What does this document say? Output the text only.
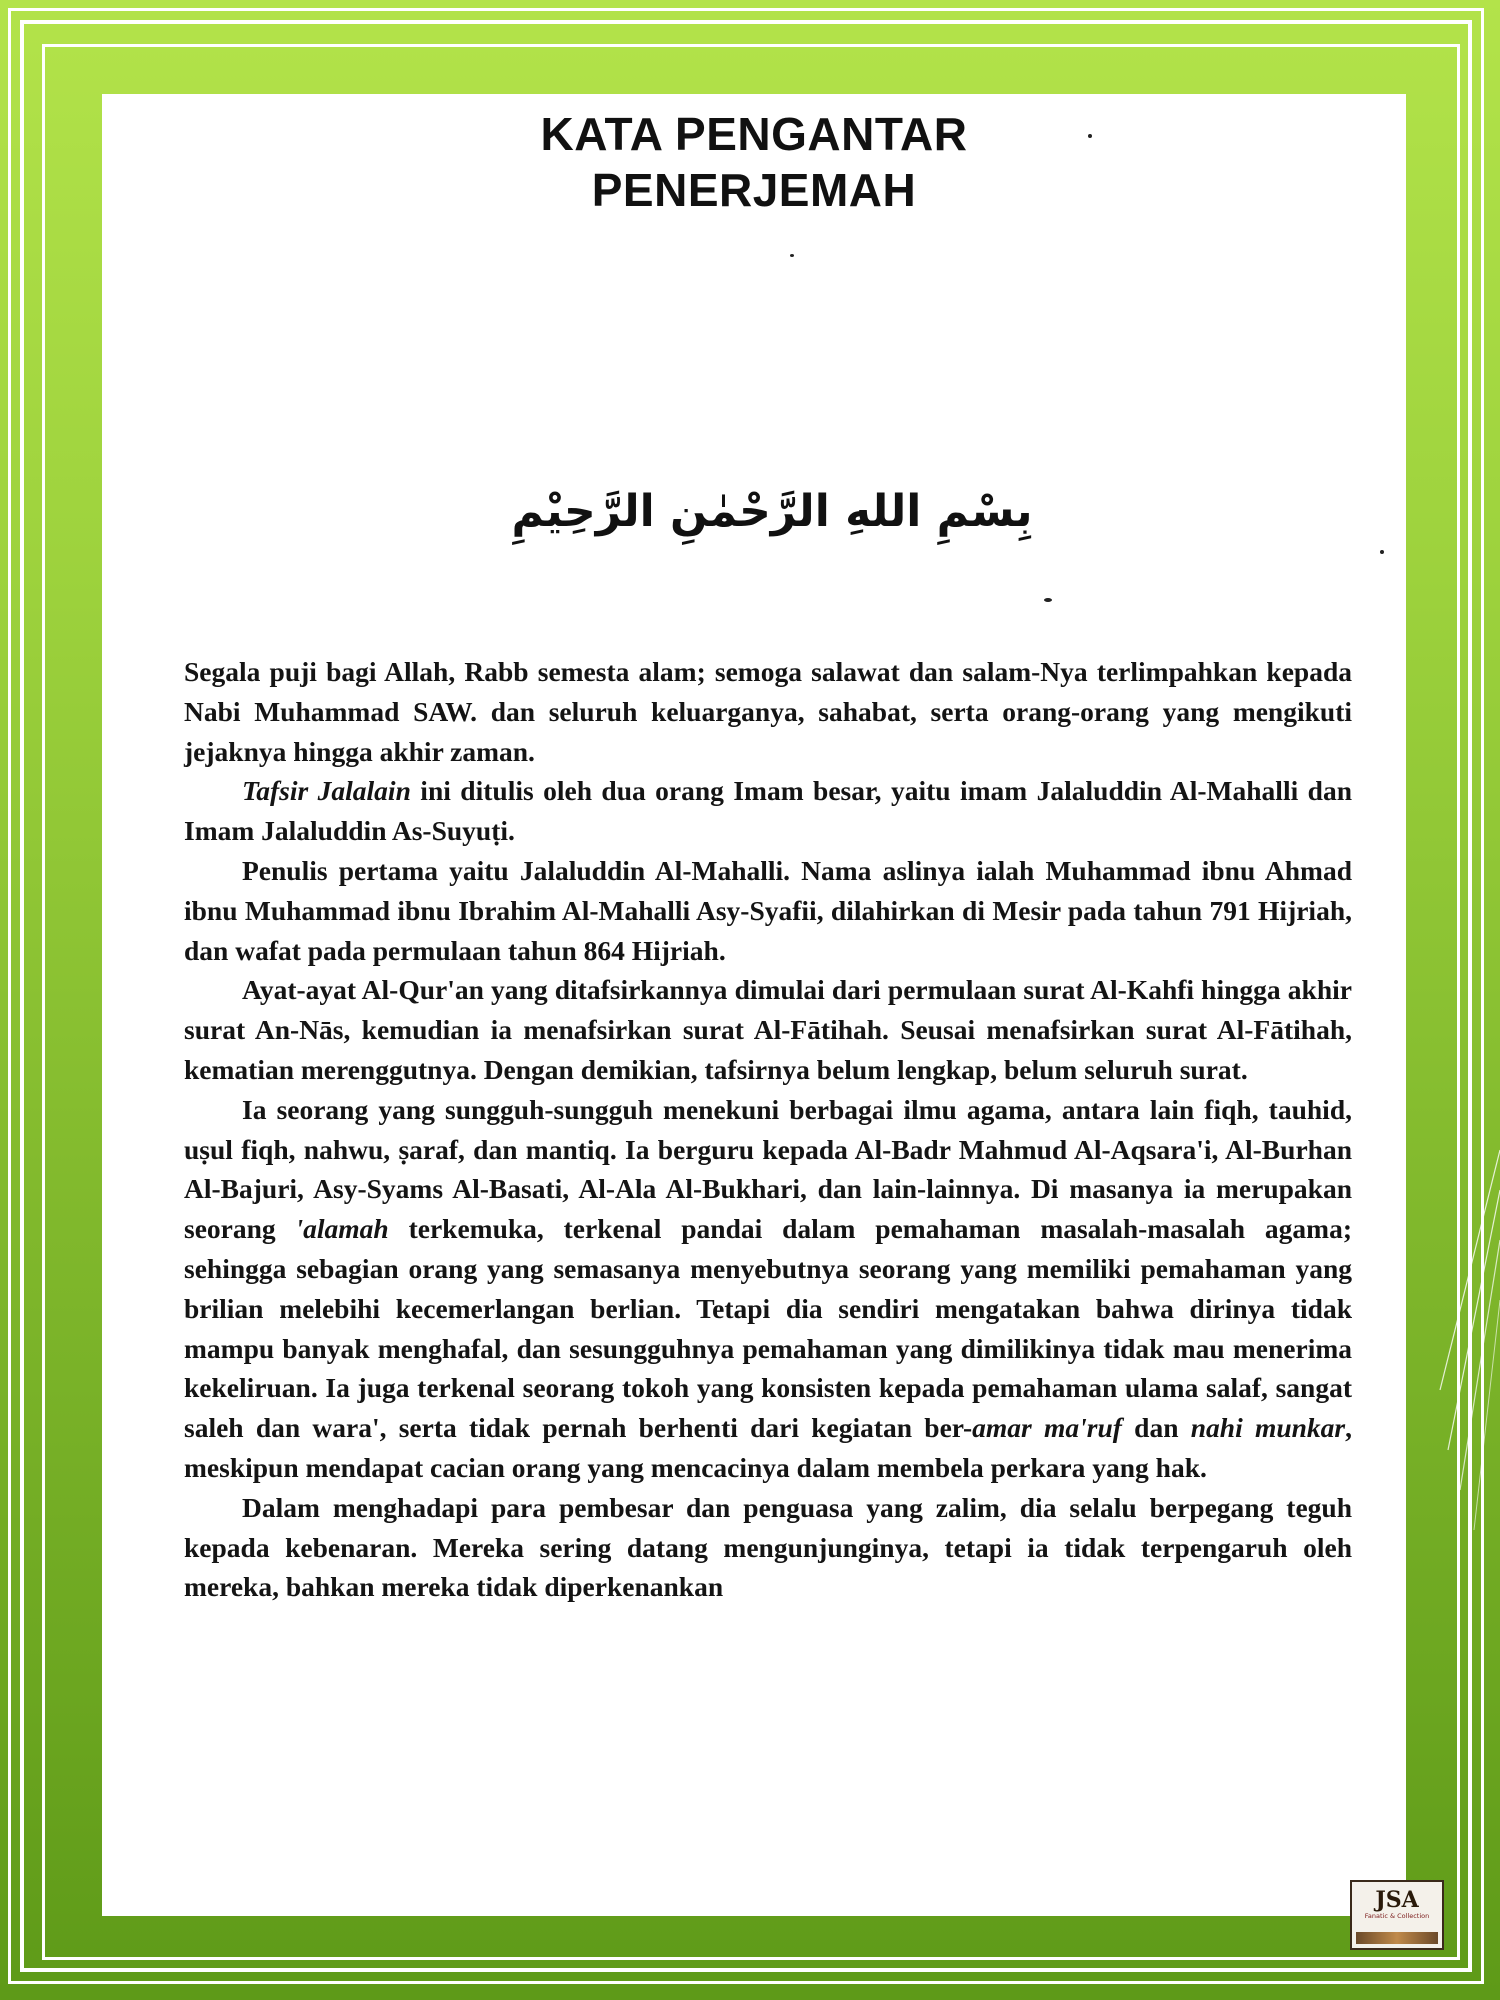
KATA PENGANTAR
PENERJEMAH
بِسْمِ اللهِ الرَّحْمٰنِ الرَّحِيْمِ

Segala puji bagi Allah, Rabb semesta alam; semoga salawat dan salam-Nya terlimpahkan kepada Nabi Muhammad SAW. dan seluruh keluarganya, sahabat, serta orang-orang yang mengikuti jejaknya hingga akhir zaman.

Tafsir Jalalain ini ditulis oleh dua orang Imam besar, yaitu imam Jalaluddin Al-Mahalli dan Imam Jalaluddin As-Suyuṭi.

Penulis pertama yaitu Jalaluddin Al-Mahalli. Nama aslinya ialah Muhammad ibnu Ahmad ibnu Muhammad ibnu Ibrahim Al-Mahalli Asy-Syafii, dilahirkan di Mesir pada tahun 791 Hijriah, dan wafat pada permulaan tahun 864 Hijriah.

Ayat-ayat Al-Qur'an yang ditafsirkannya dimulai dari permulaan surat Al-Kahfi hingga akhir surat An-Nās, kemudian ia menafsirkan surat Al-Fātihah. Seusai menafsirkan surat Al-Fātihah, kematian merenggutnya. Dengan demikian, tafsirnya belum lengkap, belum seluruh surat.

Ia seorang yang sungguh-sungguh menekuni berbagai ilmu agama, antara lain fiqh, tauhid, uṣul fiqh, nahwu, ṣaraf, dan mantiq. Ia berguru kepada Al-Badr Mahmud Al-Aqsara'i, Al-Burhan Al-Bajuri, Asy-Syams Al-Basati, Al-Ala Al-Bukhari, dan lain-lainnya. Di masanya ia merupakan seorang 'alamah terkemuka, terkenal pandai dalam pemahaman masalah-masalah agama; sehingga sebagian orang yang semasanya menyebutnya seorang yang memiliki pemahaman yang brilian melebihi kecemerlangan berlian. Tetapi dia sendiri mengatakan bahwa dirinya tidak mampu banyak menghafal, dan sesungguhnya pemahaman yang dimilikinya tidak mau menerima kekeliruan. Ia juga terkenal seorang tokoh yang konsisten kepada pemahaman ulama salaf, sangat saleh dan wara', serta tidak pernah berhenti dari kegiatan ber-amar ma'ruf dan nahi munkar, meskipun mendapat cacian orang yang mencacinya dalam membela perkara yang hak.

Dalam menghadapi para pembesar dan penguasa yang zalim, dia selalu berpegang teguh kepada kebenaran. Mereka sering datang mengunjunginya, tetapi ia tidak terpengaruh oleh mereka, bahkan mereka tidak diperkenankan

JSA
Fanatic & Collection
